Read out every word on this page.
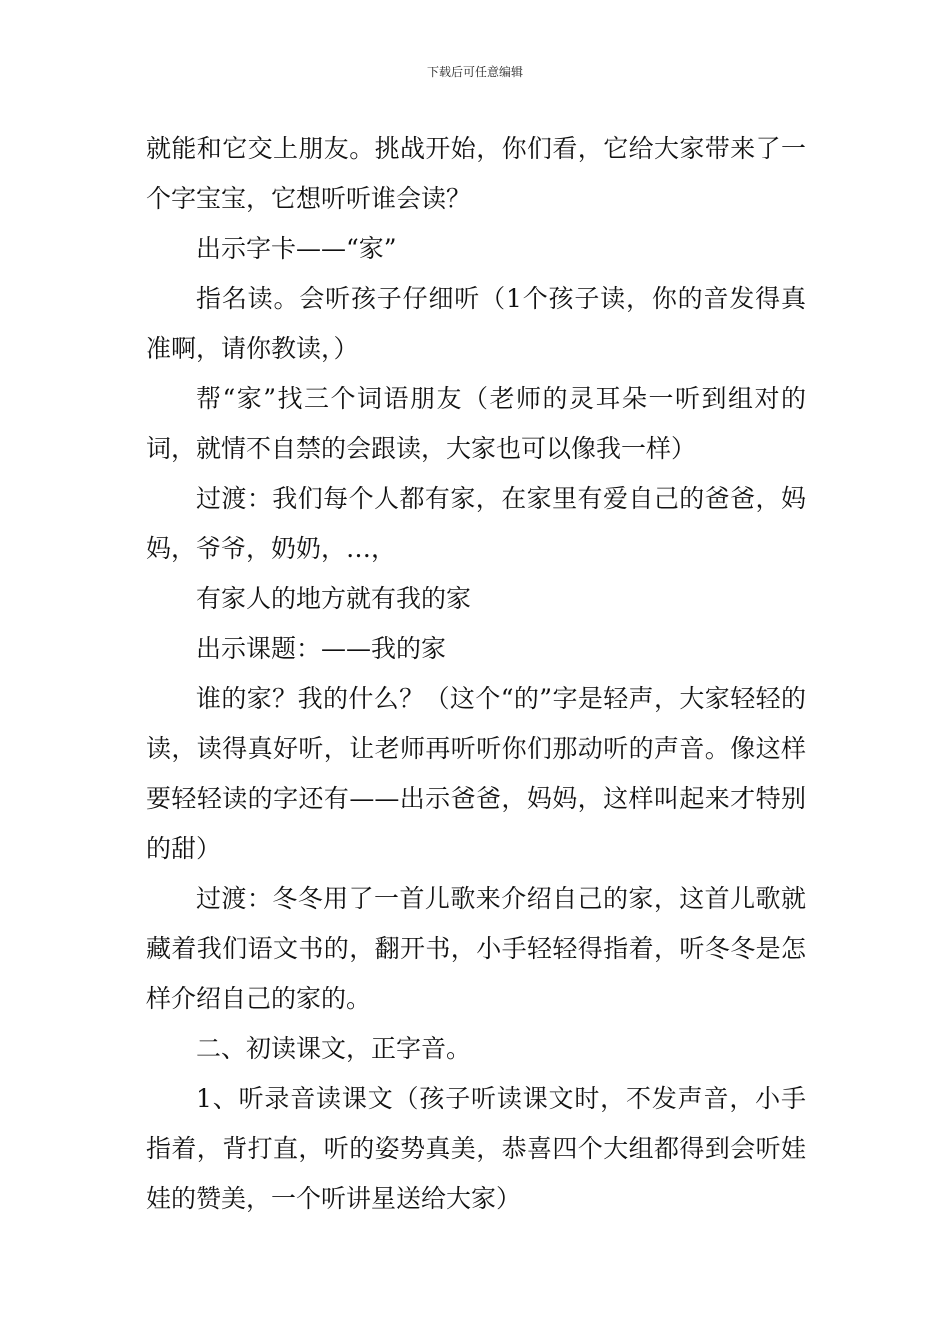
下载后可任意编辑

就能和它交上朋友。挑战开始，你们看，它给大家带来了一个字宝宝，它想听听谁会读？

出示字卡——“家”

指名读。会听孩子仔细听（1个孩子读，你的音发得真准啊，请你教读，）

帮“家”找三个词语朋友（老师的灵耳朵一听到组对的词，就情不自禁的会跟读，大家也可以像我一样）

过渡：我们每个人都有家，在家里有爱自己的爸爸，妈妈，爷爷，奶奶，…，

有家人的地方就有我的家

出示课题：——我的家

谁的家？我的什么？（这个“的”字是轻声，大家轻轻的读，读得真好听，让老师再听听你们那动听的声音。像这样要轻轻读的字还有——出示爸爸，妈妈，这样叫起来才特别的甜）

过渡：冬冬用了一首儿歌来介绍自己的家，这首儿歌就藏着我们语文书的，翻开书，小手轻轻得指着，听冬冬是怎样介绍自己的家的。

二、初读课文，正字音。

1、听录音读课文（孩子听读课文时，不发声音，小手指着，背打直，听的姿势真美，恭喜四个大组都得到会听娃娃的赞美，一个听讲星送给大家）
